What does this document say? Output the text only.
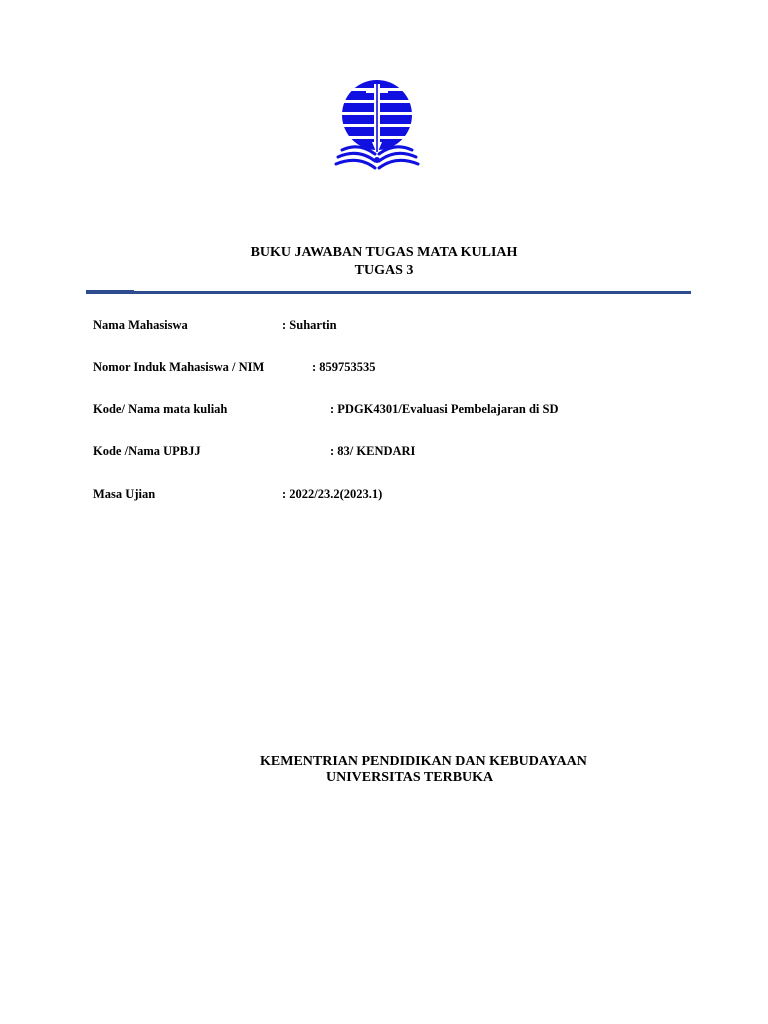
BUKU JAWABAN TUGAS MATA KULIAH
TUGAS 3
Nama Mahasiswa	: Suhartin
Nomor Induk Mahasiswa / NIM	: 859753535
Kode/ Nama mata kuliah	: PDGK4301/Evaluasi Pembelajaran di SD
Kode /Nama UPBJJ	: 83/ KENDARI
Masa Ujian	: 2022/23.2(2023.1)
KEMENTRIAN PENDIDIKAN DAN KEBUDAYAAN
UNIVERSITAS TERBUKA
